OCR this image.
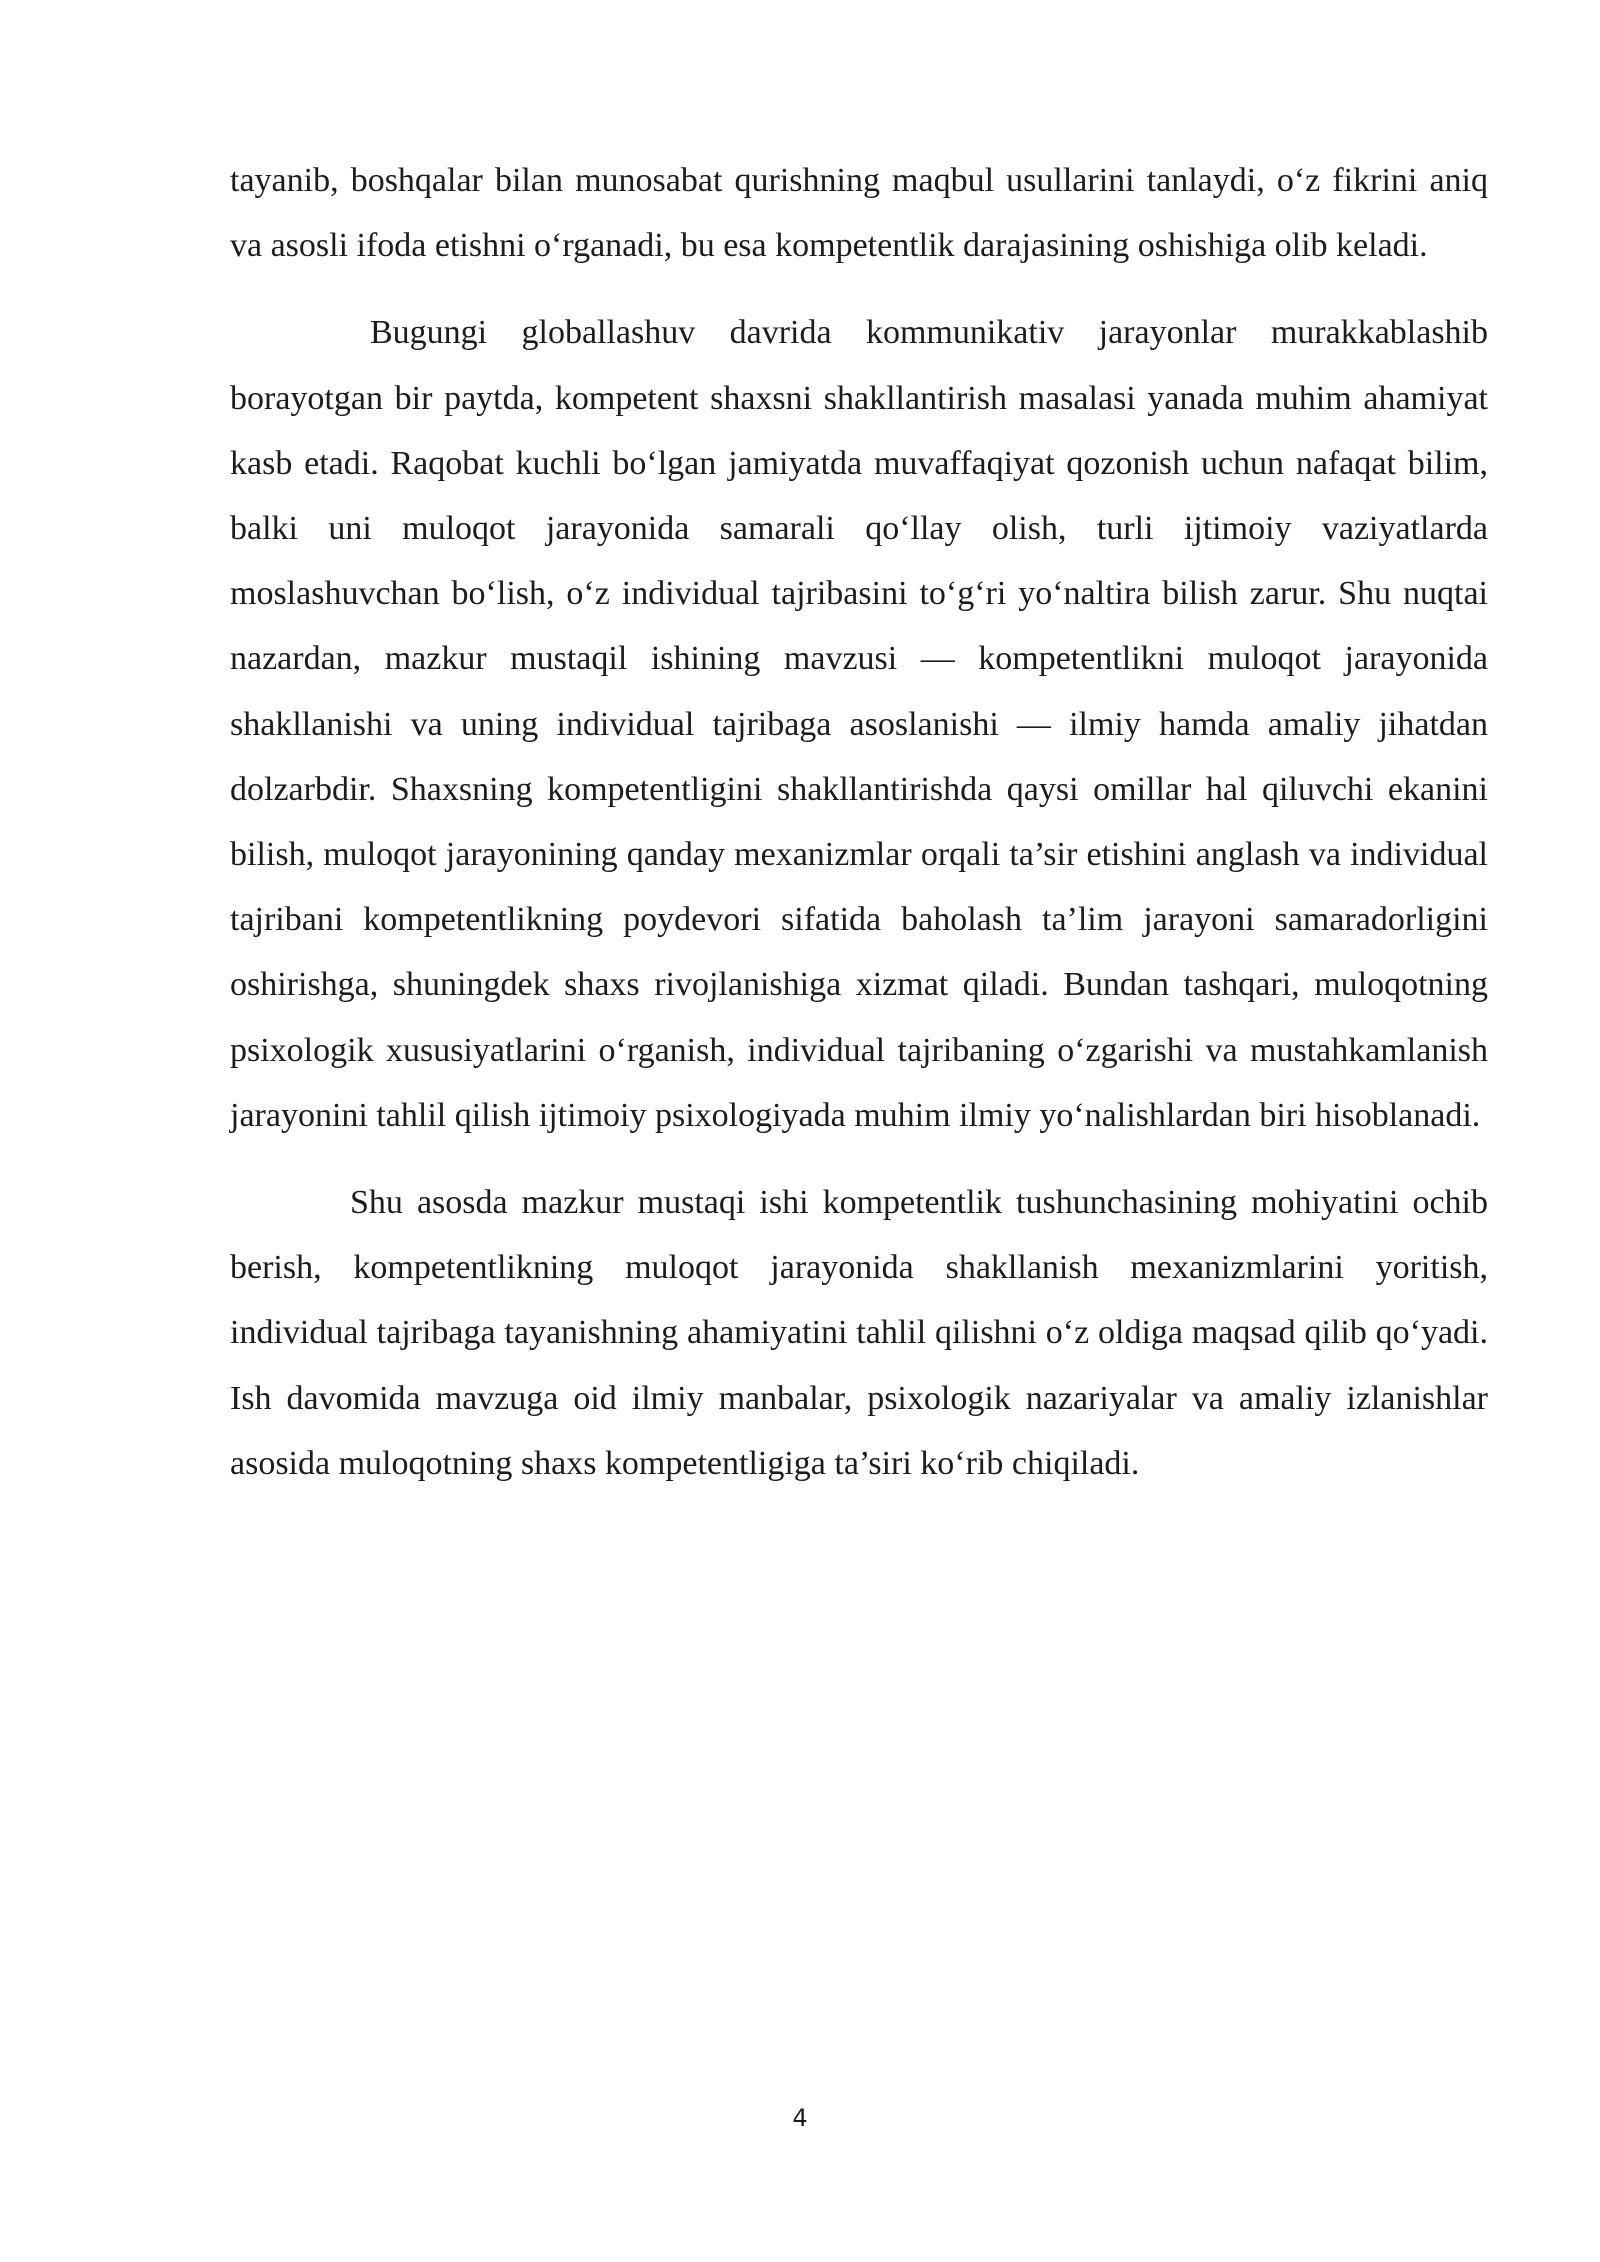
tayanib, boshqalar bilan munosabat qurishning maqbul usullarini tanlaydi, o‘z fikrini aniq va asosli ifoda etishni o‘rganadi, bu esa kompetentlik darajasining oshishiga olib keladi.

Bugungi globallashuv davrida kommunikativ jarayonlar murakkablashib borayotgan bir paytda, kompetent shaxsni shakllantirish masalasi yanada muhim ahamiyat kasb etadi. Raqobat kuchli bo‘lgan jamiyatda muvaffaqiyat qozonish uchun nafaqat bilim, balki uni muloqot jarayonida samarali qo‘llay olish, turli ijtimoiy vaziyatlarda moslashuvchan bo‘lish, o‘z individual tajribasini to‘g‘ri yo‘naltira bilish zarur. Shu nuqtai nazardan, mazkur mustaqil ishining mavzusi — kompetentlikni muloqot jarayonida shakllanishi va uning individual tajribaga asoslanishi — ilmiy hamda amaliy jihatdan dolzarbdir. Shaxsning kompetentligini shakllantirishda qaysi omillar hal qiluvchi ekanini bilish, muloqot jarayonining qanday mexanizmlar orqali ta’sir etishini anglash va individual tajribani kompetentlikning poydevori sifatida baholash ta’lim jarayoni samaradorligini oshirishga, shuningdek shaxs rivojlanishiga xizmat qiladi. Bundan tashqari, muloqotning psixologik xususiyatlarini o‘rganish, individual tajribaning o‘zgarishi va mustahkamlanish jarayonini tahlil qilish ijtimoiy psixologiyada muhim ilmiy yo‘nalishlardan biri hisoblanadi.

Shu asosda mazkur mustaqi ishi kompetentlik tushunchasining mohiyatini ochib berish, kompetentlikning muloqot jarayonida shakllanish mexanizmlarini yoritish, individual tajribaga tayanishning ahamiyatini tahlil qilishni o‘z oldiga maqsad qilib qo‘yadi. Ish davomida mavzuga oid ilmiy manbalar, psixologik nazariyalar va amaliy izlanishlar asosida muloqotning shaxs kompetentligiga ta’siri ko‘rib chiqiladi.

4
